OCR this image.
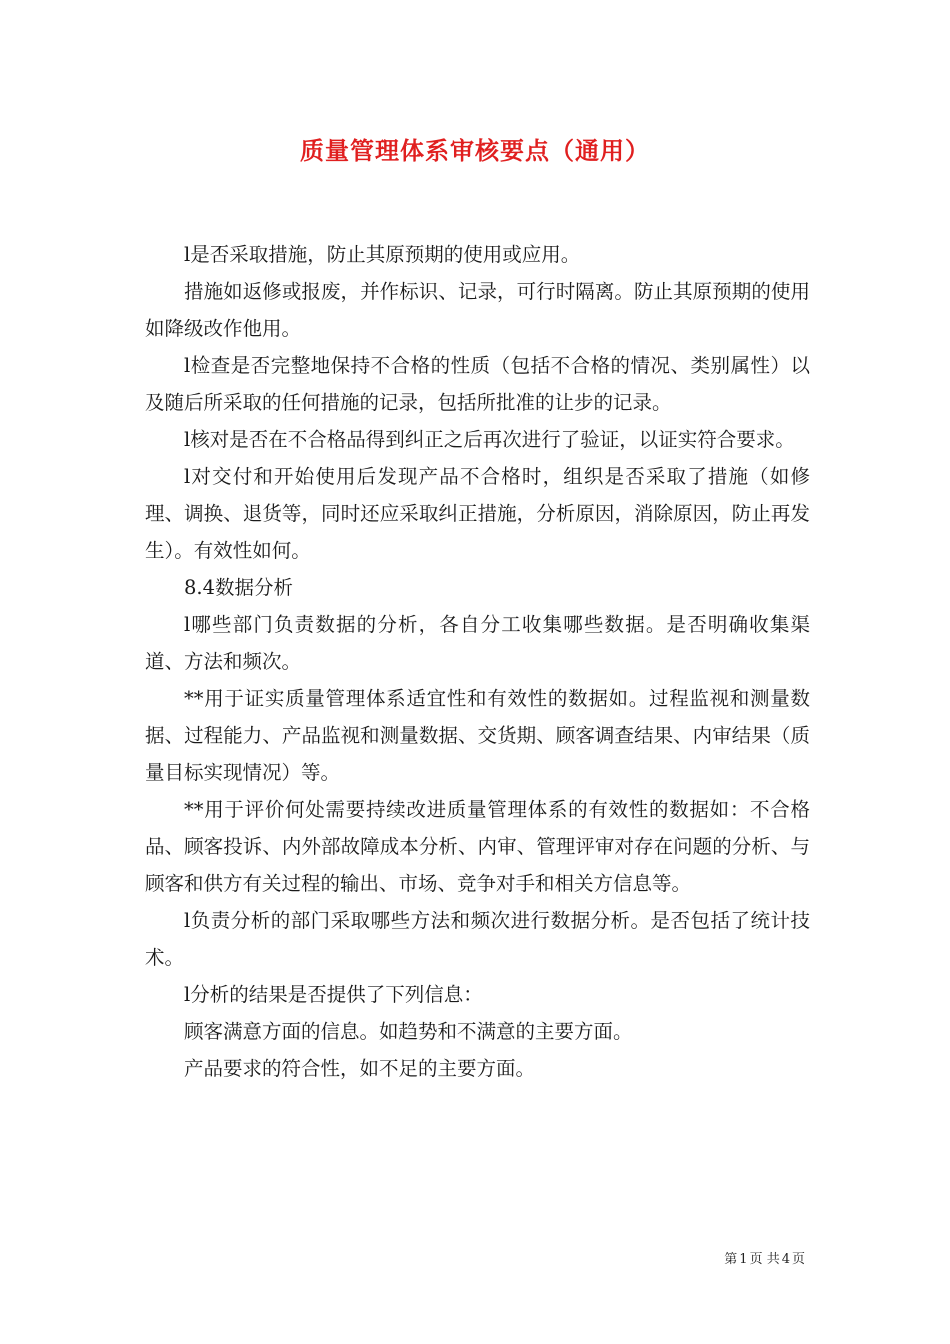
质量管理体系审核要点（通用）

l是否采取措施，防止其原预期的使用或应用。

措施如返修或报废，并作标识、记录，可行时隔离。防止其原预期的使用如降级改作他用。

l检查是否完整地保持不合格的性质（包括不合格的情况、类别属性）以及随后所采取的任何措施的记录，包括所批准的让步的记录。

l核对是否在不合格品得到纠正之后再次进行了验证，以证实符合要求。

l对交付和开始使用后发现产品不合格时，组织是否采取了措施（如修理、调换、退货等，同时还应采取纠正措施，分析原因，消除原因，防止再发生）。有效性如何。

8.4数据分析

l哪些部门负责数据的分析，各自分工收集哪些数据。是否明确收集渠道、方法和频次。

**用于证实质量管理体系适宜性和有效性的数据如。过程监视和测量数据、过程能力、产品监视和测量数据、交货期、顾客调查结果、内审结果（质量目标实现情况）等。

**用于评价何处需要持续改进质量管理体系的有效性的数据如：不合格品、顾客投诉、内外部故障成本分析、内审、管理评审对存在问题的分析、与顾客和供方有关过程的输出、市场、竞争对手和相关方信息等。

l负责分析的部门采取哪些方法和频次进行数据分析。是否包括了统计技术。

l分析的结果是否提供了下列信息：

顾客满意方面的信息。如趋势和不满意的主要方面。

产品要求的符合性，如不足的主要方面。

第 1 页 共 4 页
